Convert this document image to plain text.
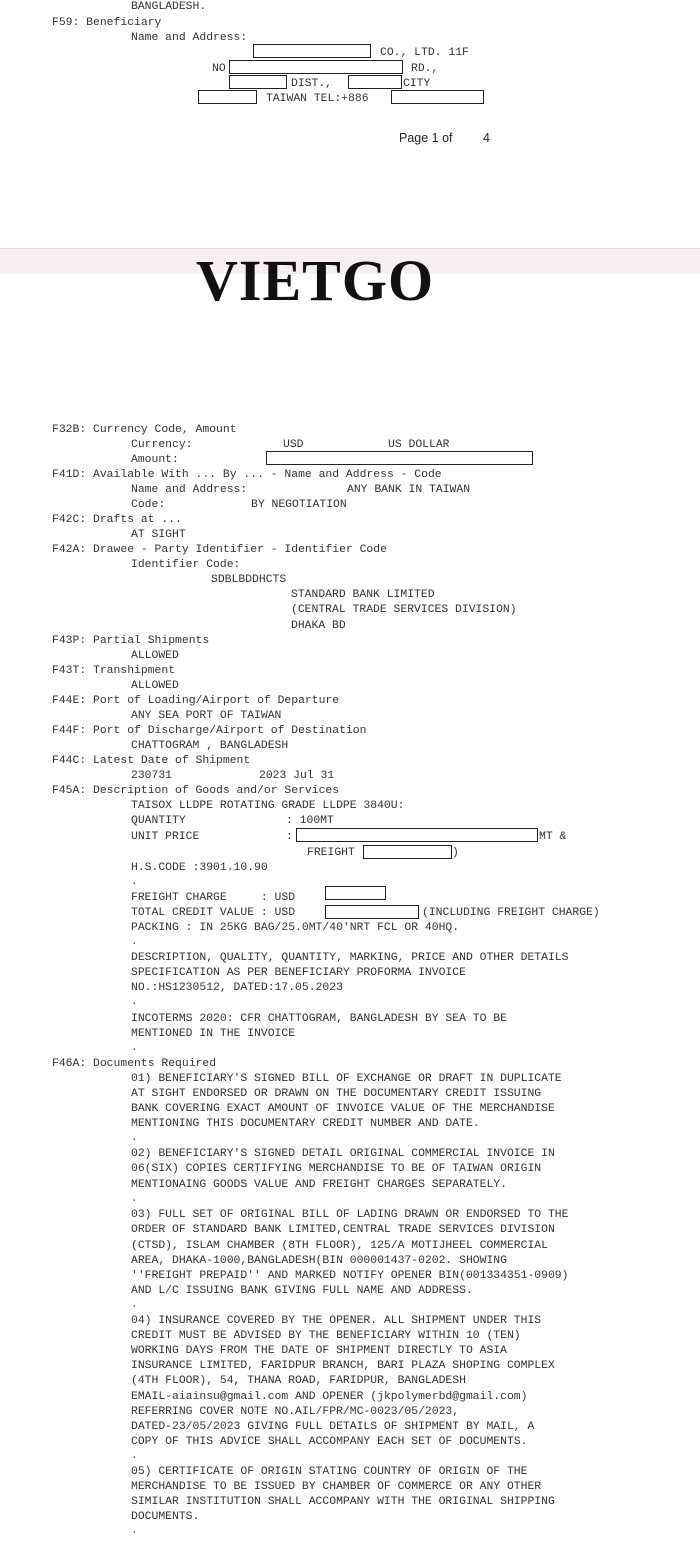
BANGLADESH.
F59: Beneficiary
Name and Address:
CO., LTD. 11F
NO	RD.,
DIST.,	CITY
TAIWAN TEL:+886
Page 1 of 4
VIETGO
F32B: Currency Code, Amount
Currency:	USD	US DOLLAR
Amount:
F41D: Available With ... By ... - Name and Address - Code
Name and Address:	ANY BANK IN TAIWAN
Code:	BY NEGOTIATION
F42C: Drafts at ...
AT SIGHT
F42A: Drawee - Party Identifier - Identifier Code
Identifier Code:
SDBLBDDHCTS
STANDARD BANK LIMITED
(CENTRAL TRADE SERVICES DIVISION)
DHAKA BD
F43P: Partial Shipments
ALLOWED
F43T: Transhipment
ALLOWED
F44E: Port of Loading/Airport of Departure
ANY SEA PORT OF TAIWAN
F44F: Port of Discharge/Airport of Destination
CHATTOGRAM , BANGLADESH
F44C: Latest Date of Shipment
230731	2023 Jul 31
F45A: Description of Goods and/or Services
TAISOX LLDPE ROTATING GRADE LLDPE 3840U:
QUANTITY	: 100MT
UNIT PRICE	:	MT &
FREIGHT	)
H.S.CODE :3901.10.90
.
FREIGHT CHARGE     : USD
TOTAL CREDIT VALUE : USD	(INCLUDING FREIGHT CHARGE)
PACKING : IN 25KG BAG/25.0MT/40'NRT FCL OR 40HQ.
.
DESCRIPTION, QUALITY, QUANTITY, MARKING, PRICE AND OTHER DETAILS
SPECIFICATION AS PER BENEFICIARY PROFORMA INVOICE
NO.:HS1230512, DATED:17.05.2023
.
INCOTERMS 2020: CFR CHATTOGRAM, BANGLADESH BY SEA TO BE
MENTIONED IN THE INVOICE
.
F46A: Documents Required
01) BENEFICIARY'S SIGNED BILL OF EXCHANGE OR DRAFT IN DUPLICATE
AT SIGHT ENDORSED OR DRAWN ON THE DOCUMENTARY CREDIT ISSUING
BANK COVERING EXACT AMOUNT OF INVOICE VALUE OF THE MERCHANDISE
MENTIONING THIS DOCUMENTARY CREDIT NUMBER AND DATE.
.
02) BENEFICIARY'S SIGNED DETAIL ORIGINAL COMMERCIAL INVOICE IN
06(SIX) COPIES CERTIFYING MERCHANDISE TO BE OF TAIWAN ORIGIN
MENTIONAING GOODS VALUE AND FREIGHT CHARGES SEPARATELY.
.
03) FULL SET OF ORIGINAL BILL OF LADING DRAWN OR ENDORSED TO THE
ORDER OF STANDARD BANK LIMITED,CENTRAL TRADE SERVICES DIVISION
(CTSD), ISLAM CHAMBER (8TH FLOOR), 125/A MOTIJHEEL COMMERCIAL
AREA, DHAKA-1000,BANGLADESH(BIN 000001437-0202. SHOWING
''FREIGHT PREPAID'' AND MARKED NOTIFY OPENER BIN(001334351-0909)
AND L/C ISSUING BANK GIVING FULL NAME AND ADDRESS.
.
04) INSURANCE COVERED BY THE OPENER. ALL SHIPMENT UNDER THIS
CREDIT MUST BE ADVISED BY THE BENEFICIARY WITHIN 10 (TEN)
WORKING DAYS FROM THE DATE OF SHIPMENT DIRECTLY TO ASIA
INSURANCE LIMITED, FARIDPUR BRANCH, BARI PLAZA SHOPING COMPLEX
(4TH FLOOR), 54, THANA ROAD, FARIDPUR, BANGLADESH
EMAIL-aiainsu@gmail.com AND OPENER (jkpolymerbd@gmail.com)
REFERRING COVER NOTE NO.AIL/FPR/MC-0023/05/2023,
DATED-23/05/2023 GIVING FULL DETAILS OF SHIPMENT BY MAIL, A
COPY OF THIS ADVICE SHALL ACCOMPANY EACH SET OF DOCUMENTS.
.
05) CERTIFICATE OF ORIGIN STATING COUNTRY OF ORIGIN OF THE
MERCHANDISE TO BE ISSUED BY CHAMBER OF COMMERCE OR ANY OTHER
SIMILAR INSTITUTION SHALL ACCOMPANY WITH THE ORIGINAL SHIPPING
DOCUMENTS.
.
